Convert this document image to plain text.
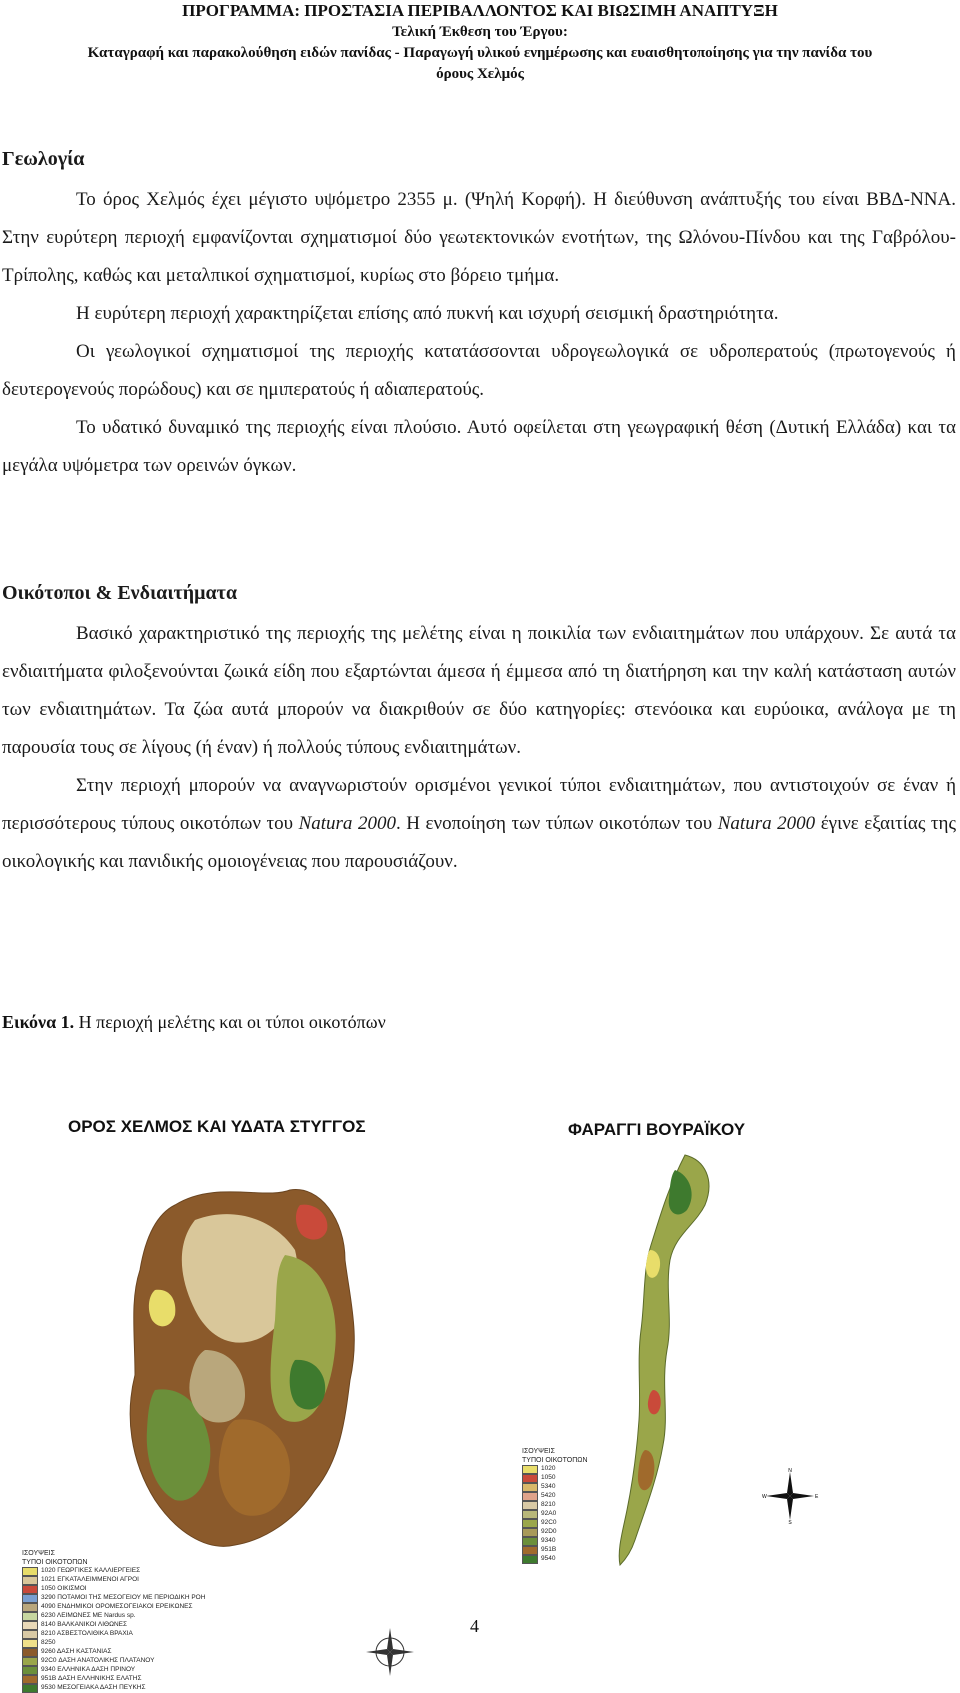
ΠΡΟΓΡΑΜΜΑ: ΠΡΟΣΤΑΣΙΑ ΠΕΡΙΒΑΛΛΟΝΤΟΣ ΚΑΙ ΒΙΩΣΙΜΗ ΑΝΑΠΤΥΞΗ
Τελική Έκθεση του Έργου:
Καταγραφή και παρακολούθηση ειδών πανίδας - Παραγωγή υλικού ενημέρωσης και ευαισθητοποίησης για την πανίδα του
όρους Χελμός
Γεωλογία

Το όρος Χελμός έχει μέγιστο υψόμετρο 2355 μ. (Ψηλή Κορφή). Η διεύθυνση ανάπτυξής του είναι ΒΒΔ-ΝΝΑ. Στην ευρύτερη περιοχή εμφανίζονται σχηματισμοί δύο γεωτεκτονικών ενοτήτων, της Ωλόνου-Πίνδου και της Γαβρόλου-Τρίπολης, καθώς και μεταλπικοί σχηματισμοί, κυρίως στο βόρειο τμήμα.

Η ευρύτερη περιοχή χαρακτηρίζεται επίσης από πυκνή και ισχυρή σεισμική δραστηριότητα.

Οι γεωλογικοί σχηματισμοί της περιοχής κατατάσσονται υδρογεωλογικά σε υδροπερατούς (πρωτογενούς ή δευτερογενούς πορώδους) και σε ημιπερατούς ή αδιαπερατούς.

Το υδατικό δυναμικό της περιοχής είναι πλούσιο. Αυτό οφείλεται στη γεωγραφική θέση (Δυτική Ελλάδα) και τα μεγάλα υψόμετρα των ορεινών όγκων.

Οικότοποι & Ενδιαιτήματα

Βασικό χαρακτηριστικό της περιοχής της μελέτης είναι η ποικιλία των ενδιαιτημάτων που υπάρχουν. Σε αυτά τα ενδιαιτήματα φιλοξενούνται ζωικά είδη που εξαρτώνται άμεσα ή έμμεσα από τη διατήρηση και την καλή κατάσταση αυτών των ενδιαιτημάτων. Τα ζώα αυτά μπορούν να διακριθούν σε δύο κατηγορίες: στενόοικα και ευρύοικα, ανάλογα με τη παρουσία τους σε λίγους (ή έναν) ή πολλούς τύπους ενδιαιτημάτων.

Στην περιοχή μπορούν να αναγνωριστούν ορισμένοι γενικοί τύποι ενδιαιτημάτων, που αντιστοιχούν σε έναν ή περισσότερους τύπους οικοτόπων του Natura 2000. Η ενοποίηση των τύπων οικοτόπων του Natura 2000 έγινε εξαιτίας της οικολογικής και πανιδικής ομοιογένειας που παρουσιάζουν.

Εικόνα 1. Η περιοχή μελέτης και οι τύποι οικοτόπων
ΟΡΟΣ ΧΕΛΜΟΣ ΚΑΙ ΥΔΑΤΑ ΣΤΥΓΓΟΣ	ΦΑΡΑΓΓΙ ΒΟΥΡΑΪΚΟΥ
ΙΣΟΥΨΕΙΣ
ΤΥΠΟΙ ΟΙΚΟΤΟΠΩΝ
1020
1050
5340
5420
8210
92A0
92C0
92D0
9340
951B
9540
ΙΣΟΥΨΕΙΣ
ΤΥΠΟΙ ΟΙΚΟΤΟΠΩΝ
1020 ΓΕΩΡΓΙΚΕΣ ΚΑΛΛΙΕΡΓΕΙΕΣ
1021 ΕΓΚΑΤΑΛΕΙΜΜΕΝΟΙ ΑΓΡΟΙ
1050 ΟΙΚΙΣΜΟΙ
3290 ΠΟΤΑΜΟΙ ΤΗΣ ΜΕΣΟΓΕΙΟΥ ΜΕ ΠΕΡΙΟΔΙΚΗ ΡΟΗ
4090 ΕΝΔΗΜΙΚΟΙ ΟΡΟΜΕΣΟΓΕΙΑΚΟΙ ΕΡΕΙΚΩΝΕΣ
6230 ΛΕΙΜΩΝΕΣ ΜΕ Nardus sp.
8140 ΒΑΛΚΑΝΙΚΟΙ ΛΙΘΩΝΕΣ
8210 ΑΣΒΕΣΤΟΛΙΘΙΚΑ ΒΡΑΧΙΑ
8250
9260 ΔΑΣΗ ΚΑΣΤΑΝΙΑΣ
92C0 ΔΑΣΗ ΑΝΑΤΟΛΙΚΗΣ ΠΛΑΤΑΝΟΥ
9340 ΕΛΛΗΝΙΚΑ ΔΑΣΗ ΠΡΙΝΟΥ
951B ΔΑΣΗ ΕΛΛΗΝΙΚΗΣ ΕΛΑΤΗΣ
9530 ΜΕΣΟΓΕΙΑΚΑ ΔΑΣΗ ΠΕΥΚΗΣ
N
S
E
W
4
